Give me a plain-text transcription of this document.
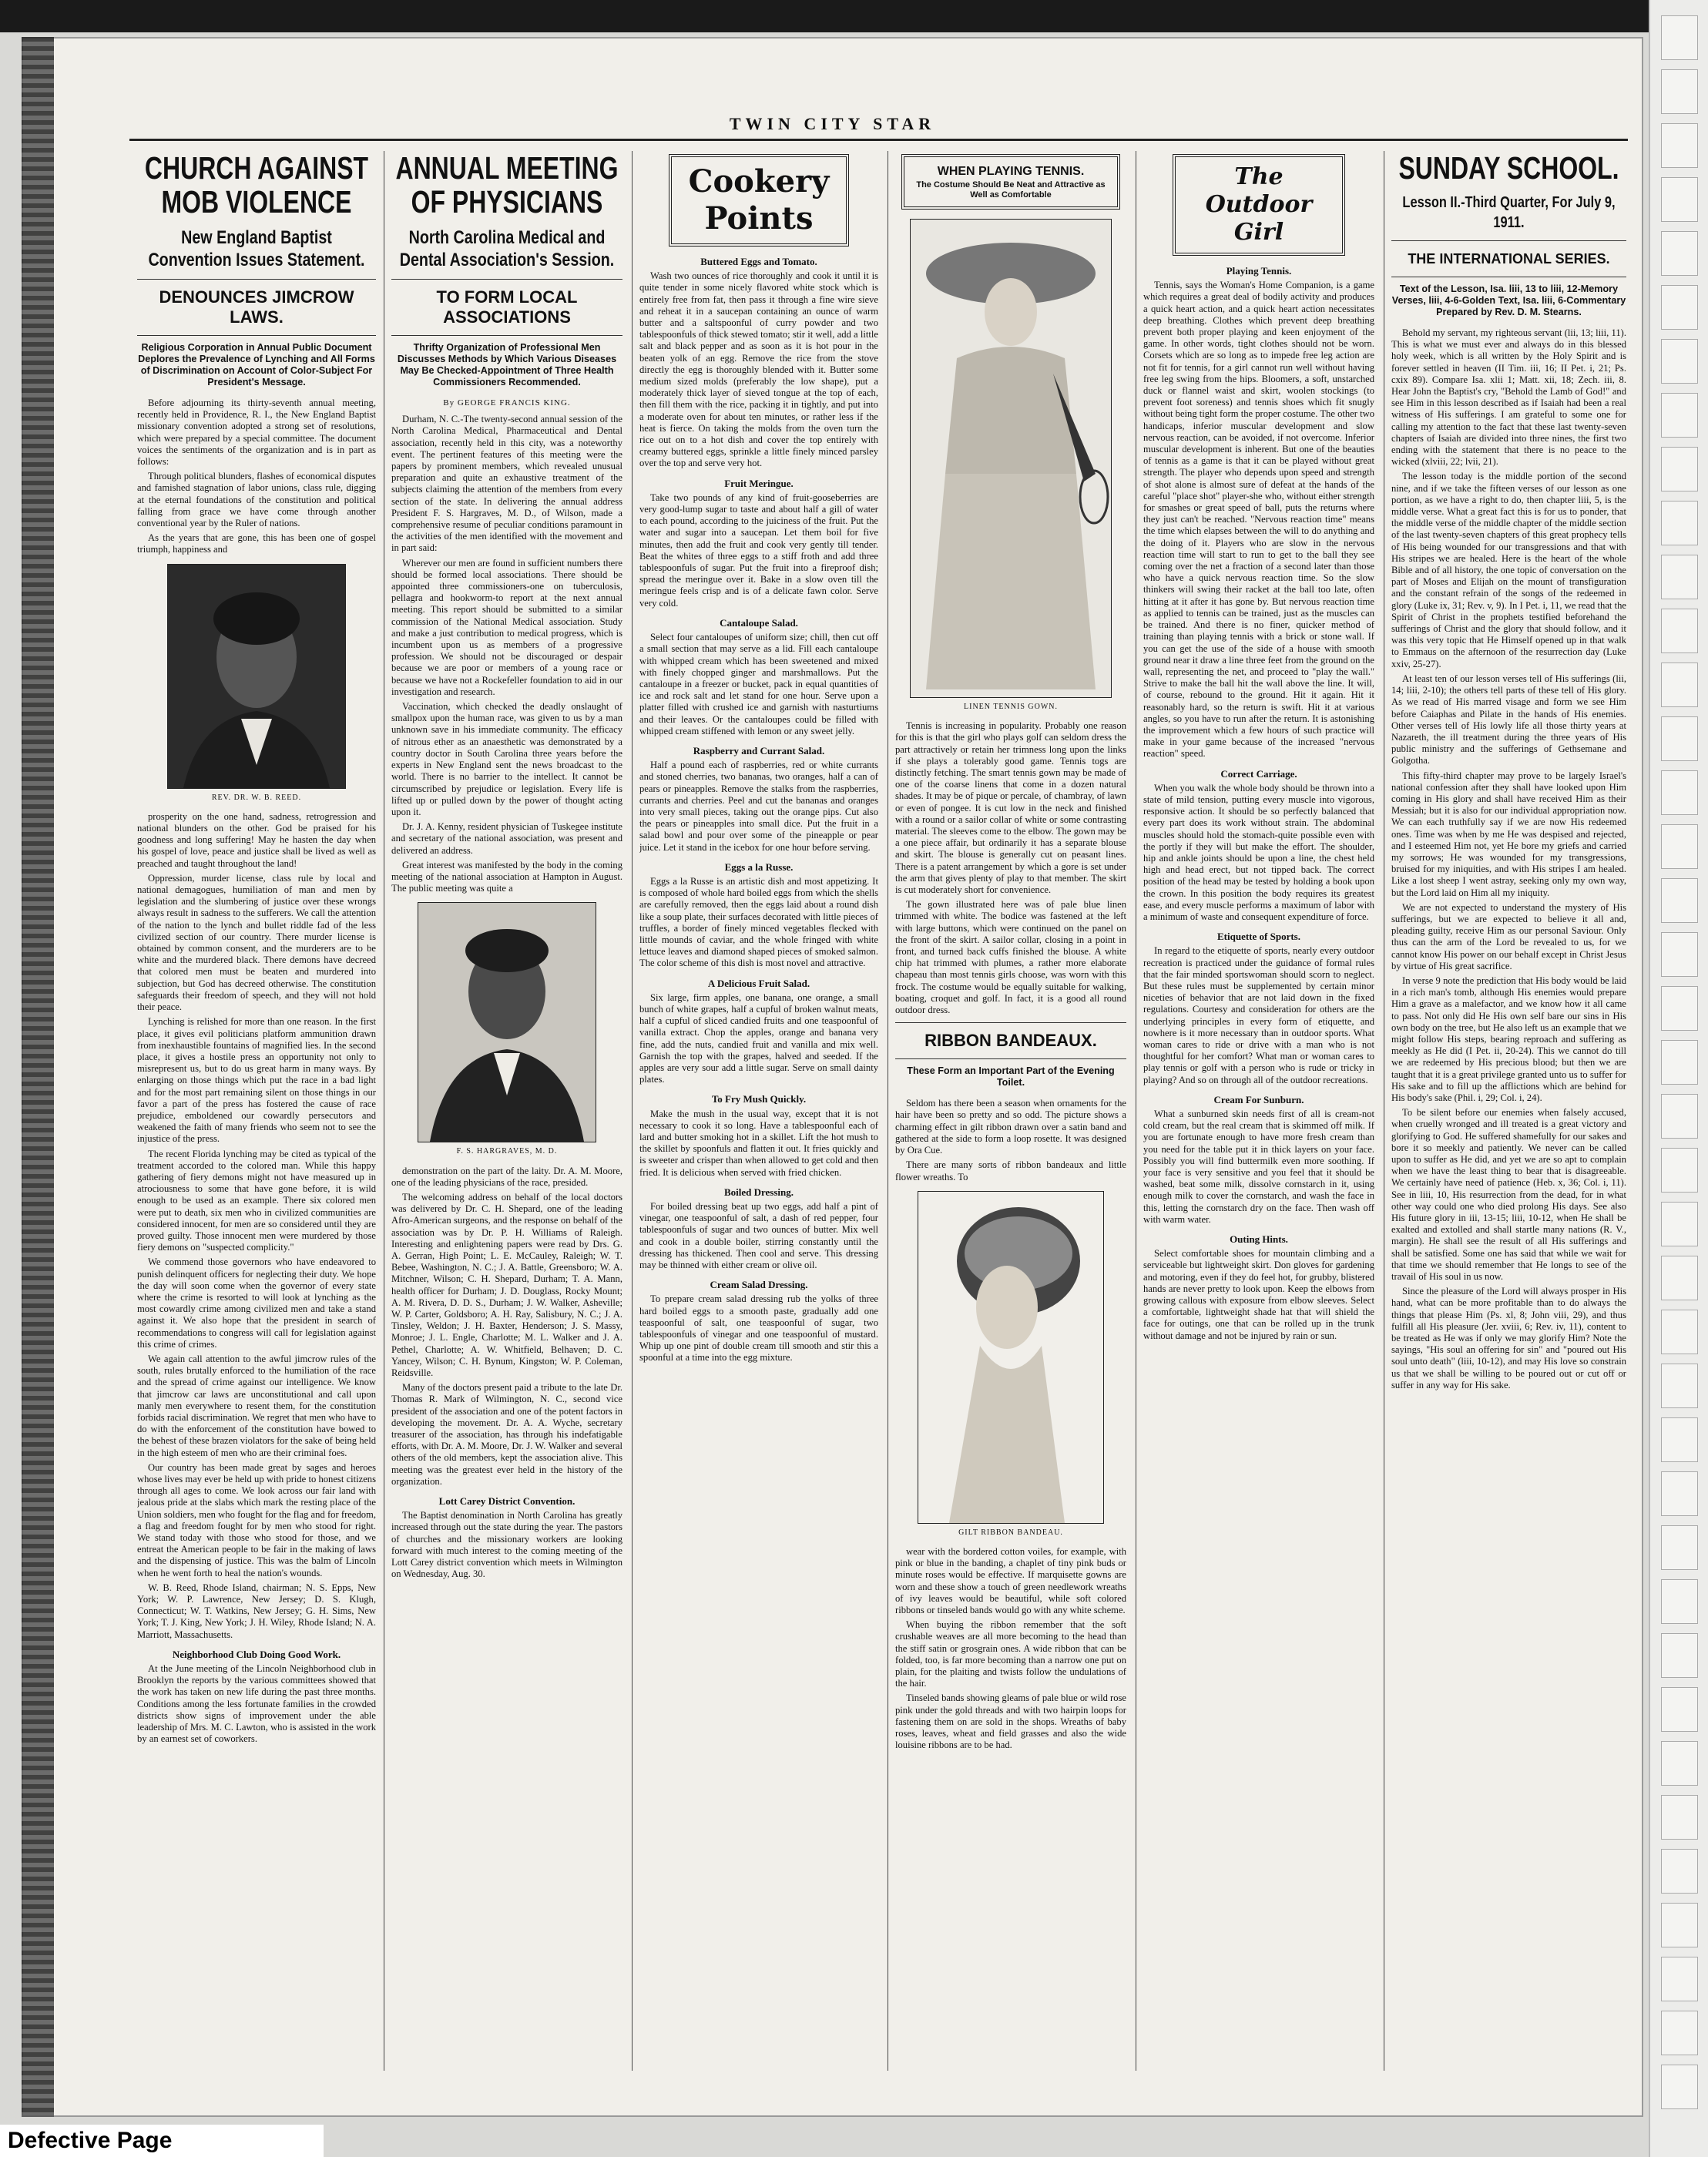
TWIN CITY STAR
CHURCH AGAINST MOB VIOLENCE
New England Baptist Convention Issues Statement.
DENOUNCES JIMCROW LAWS.
Religious Corporation in Annual Public Document Deplores the Prevalence of Lynching and All Forms of Discrimination on Account of Color-Subject For President's Message.

Before adjourning its thirty-seventh annual meeting, recently held in Providence, R. I., the New England Baptist missionary convention adopted a strong set of resolutions, which were prepared by a special committee. The document voices the sentiments of the organization and is in part as follows:

Through political blunders, flashes of economical disputes and famished stagnation of labor unions, class rule, digging at the eternal foundations of the constitution and political falling from grace we have come through another conventional year by the Ruler of nations.

As the years that are gone, this has been one of gospel triumph, happiness and

REV. DR. W. B. REED.

prosperity on the one hand, sadness, retrogression and national blunders on the other. God be praised for his goodness and long suffering! May he hasten the day when his gospel of love, peace and justice shall be lived as well as preached and taught throughout the land!

Oppression, murder license, class rule by local and national demagogues, humiliation of man and men by legislation and the slumbering of justice over these wrongs always result in sadness to the sufferers. We call the attention of the nation to the lynch and bullet riddle fad of the less civilized section of our country. There murder license is obtained by common consent, and the murderers are to be white and the murdered black. There demons have decreed that colored men must be beaten and murdered into subjection, but God has decreed otherwise. The constitution safeguards their freedom of speech, and they will not hold their peace.

Lynching is relished for more than one reason. In the first place, it gives evil politicians platform ammunition drawn from inexhaustible fountains of magnified lies. In the second place, it gives a hostile press an opportunity not only to misrepresent us, but to do us great harm in many ways. By enlarging on those things which put the race in a bad light and for the most part remaining silent on those things in our favor a part of the press has fostered the cause of race prejudice, emboldened our cowardly persecutors and weakened the faith of many friends who seem not to see the injustice of the press.

The recent Florida lynching may be cited as typical of the treatment accorded to the colored man. While this happy gathering of fiery demons might not have measured up in atrociousness to some that have gone before, it is wild enough to be used as an example. There six colored men were put to death, six men who in civilized communities are considered innocent, for men are so considered until they are proved guilty. Those innocent men were murdered by those fiery demons on "suspected complicity."

We commend those governors who have endeavored to punish delinquent officers for neglecting their duty. We hope the day will soon come when the governor of every state where the crime is resorted to will look at lynching as the most cowardly crime among civilized men and take a stand against it. We also hope that the president in search of recommendations to congress will call for legislation against this crime of crimes.

We again call attention to the awful jimcrow rules of the south, rules brutally enforced to the humiliation of the race and the spread of crime against our intelligence. We know that jimcrow car laws are unconstitutional and call upon manly men everywhere to resent them, for the constitution forbids racial discrimination. We regret that men who have to do with the enforcement of the constitution have bowed to the behest of these brazen violators for the sake of being held in the high esteem of men who are their criminal foes.

Our country has been made great by sages and heroes whose lives may ever be held up with pride to honest citizens through all ages to come. We look across our fair land with jealous pride at the slabs which mark the resting place of the Union soldiers, men who fought for the flag and for freedom, a flag and freedom fought for by men who stood for right. We stand today with those who stood for those, and we entreat the American people to be fair in the making of laws and the dispensing of justice. This was the balm of Lincoln when he went forth to heal the nation's wounds.

W. B. Reed, Rhode Island, chairman; N. S. Epps, New York; W. P. Lawrence, New Jersey; D. S. Klugh, Connecticut; W. T. Watkins, New Jersey; G. H. Sims, New York; T. J. King, New York; J. H. Wiley, Rhode Island; N. A. Marriott, Massachusetts.

Neighborhood Club Doing Good Work.

At the June meeting of the Lincoln Neighborhood club in Brooklyn the reports by the various committees showed that the work has taken on new life during the past three months. Conditions among the less fortunate families in the crowded districts show signs of improvement under the able leadership of Mrs. M. C. Lawton, who is assisted in the work by an earnest set of coworkers.

ANNUAL MEETING OF PHYSICIANS
North Carolina Medical and Dental Association's Session.
TO FORM LOCAL ASSOCIATIONS
Thrifty Organization of Professional Men Discusses Methods by Which Various Diseases May Be Checked-Appointment of Three Health Commissioners Recommended.
By GEORGE FRANCIS KING.

Durham, N. C.-The twenty-second annual session of the North Carolina Medical, Pharmaceutical and Dental association, recently held in this city, was a noteworthy event. The pertinent features of this meeting were the papers by prominent members, which revealed unusual preparation and quite an exhaustive treatment of the subjects claiming the attention of the members from every section of the state. In delivering the annual address President F. S. Hargraves, M. D., of Wilson, made a comprehensive resume of peculiar conditions paramount in the activities of the men identified with the movement and in part said:

Wherever our men are found in sufficient numbers there should be formed local associations. There should be appointed three commissioners-one on tuberculosis, pellagra and hookworm-to report at the next annual meeting. This report should be submitted to a similar commission of the National Medical association. Study and make a just contribution to medical progress, which is incumbent upon us as members of a progressive profession. We should not be discouraged or despair because we are poor or members of a young race or because we have not a Rockefeller foundation to aid in our investigation and research.

Vaccination, which checked the deadly onslaught of smallpox upon the human race, was given to us by a man unknown save in his immediate community. The efficacy of nitrous ether as an anaesthetic was demonstrated by a country doctor in South Carolina three years before the experts in New England sent the news broadcast to the world. There is no barrier to the intellect. It cannot be circumscribed by prejudice or legislation. Every life is lifted up or pulled down by the power of thought acting upon it.

Dr. J. A. Kenny, resident physician of Tuskegee institute and secretary of the national association, was present and delivered an address.

Great interest was manifested by the body in the coming meeting of the national association at Hampton in August. The public meeting was quite a

F. S. HARGRAVES, M. D.

demonstration on the part of the laity. Dr. A. M. Moore, one of the leading physicians of the race, presided.

The welcoming address on behalf of the local doctors was delivered by Dr. C. H. Shepard, one of the leading Afro-American surgeons, and the response on behalf of the association was by Dr. P. H. Williams of Raleigh. Interesting and enlightening papers were read by Drs. G. A. Gerran, High Point; L. E. McCauley, Raleigh; W. T. Bebee, Washington, N. C.; J. A. Battle, Greensboro; W. A. Mitchner, Wilson; C. H. Shepard, Durham; T. A. Mann, health officer for Durham; J. D. Douglass, Rocky Mount; A. M. Rivera, D. D. S., Durham; J. W. Walker, Asheville; W. P. Carter, Goldsboro; A. H. Ray, Salisbury, N. C.; J. A. Tinsley, Weldon; J. H. Baxter, Henderson; J. S. Massy, Monroe; J. L. Engle, Charlotte; M. L. Walker and J. A. Pethel, Charlotte; A. W. Whitfield, Belhaven; D. C. Yancey, Wilson; C. H. Bynum, Kingston; W. P. Coleman, Reidsville.

Many of the doctors present paid a tribute to the late Dr. Thomas R. Mark of Wilmington, N. C., second vice president of the association and one of the potent factors in developing the movement. Dr. A. A. Wyche, secretary treasurer of the association, has through his indefatigable efforts, with Dr. A. M. Moore, Dr. J. W. Walker and several others of the old members, kept the association alive. This meeting was the greatest ever held in the history of the organization.

Lott Carey District Convention.

The Baptist denomination in North Carolina has greatly increased through out the state during the year. The pastors of churches and the missionary workers are looking forward with much interest to the coming meeting of the Lott Carey district convention which meets in Wilmington on Wednesday, Aug. 30.

Cookery
Points
Buttered Eggs and Tomato.

Wash two ounces of rice thoroughly and cook it until it is quite tender in some nicely flavored white stock which is entirely free from fat, then pass it through a fine wire sieve and reheat it in a saucepan containing an ounce of warm butter and a saltspoonful of curry powder and two tablespoonfuls of thick stewed tomato; stir it well, add a little salt and black pepper and as soon as it is hot pour in the beaten yolk of an egg. Remove the rice from the stove directly the egg is thoroughly blended with it. Butter some medium sized molds (preferably the low shape), put a moderately thick layer of sieved tongue at the top of each, then fill them with the rice, packing it in tightly, and put into a moderate oven for about ten minutes, or rather less if the heat is fierce. On taking the molds from the oven turn the rice out on to a hot dish and cover the top entirely with creamy buttered eggs, sprinkle a little finely minced parsley over the top and serve very hot.

Fruit Meringue.

Take two pounds of any kind of fruit-gooseberries are very good-lump sugar to taste and about half a gill of water to each pound, according to the juiciness of the fruit. Put the water and sugar into a saucepan. Let them boil for five minutes, then add the fruit and cook very gently till tender. Beat the whites of three eggs to a stiff froth and add three tablespoonfuls of sugar. Put the fruit into a fireproof dish; spread the meringue over it. Bake in a slow oven till the meringue feels crisp and is of a delicate fawn color. Serve very cold.

Cantaloupe Salad.

Select four cantaloupes of uniform size; chill, then cut off a small section that may serve as a lid. Fill each cantaloupe with whipped cream which has been sweetened and mixed with finely chopped ginger and marshmallows. Put the cantaloupe in a freezer or bucket, pack in equal quantities of ice and rock salt and let stand for one hour. Serve upon a platter filled with crushed ice and garnish with nasturtiums and their leaves. Or the cantaloupes could be filled with whipped cream stiffened with lemon or any sweet jelly.

Raspberry and Currant Salad.

Half a pound each of raspberries, red or white currants and stoned cherries, two bananas, two oranges, half a can of pears or pineapples. Remove the stalks from the raspberries, currants and cherries. Peel and cut the bananas and oranges into very small pieces, taking out the orange pips. Cut also the pears or pineapples into small dice. Put the fruit in a salad bowl and pour over some of the pineapple or pear juice. Let it stand in the icebox for one hour before serving.

Eggs a la Russe.

Eggs a la Russe is an artistic dish and most appetizing. It is composed of whole hard boiled eggs from which the shells are carefully removed, then the eggs laid about a round dish like a soup plate, their surfaces decorated with little pieces of truffles, a border of finely minced vegetables flecked with little mounds of caviar, and the whole fringed with white lettuce leaves and diamond shaped pieces of smoked salmon. The color scheme of this dish is most novel and attractive.

A Delicious Fruit Salad.

Six large, firm apples, one banana, one orange, a small bunch of white grapes, half a cupful of broken walnut meats, half a cupful of sliced candied fruits and one teaspoonful of vanilla extract. Chop the apples, orange and banana very fine, add the nuts, candied fruit and vanilla and mix well. Garnish the top with the grapes, halved and seeded. If the apples are very sour add a little sugar. Serve on small dainty plates.

To Fry Mush Quickly.

Make the mush in the usual way, except that it is not necessary to cook it so long. Have a tablespoonful each of lard and butter smoking hot in a skillet. Lift the hot mush to the skillet by spoonfuls and flatten it out. It fries quickly and is sweeter and crisper than when allowed to get cold and then fried. It is delicious when served with fried chicken.

Boiled Dressing.

For boiled dressing beat up two eggs, add half a pint of vinegar, one teaspoonful of salt, a dash of red pepper, four tablespoonfuls of sugar and two ounces of butter. Mix well and cook in a double boiler, stirring constantly until the dressing has thickened. Then cool and serve. This dressing may be thinned with either cream or olive oil.

Cream Salad Dressing.

To prepare cream salad dressing rub the yolks of three hard boiled eggs to a smooth paste, gradually add one teaspoonful of salt, one teaspoonful of sugar, two tablespoonfuls of vinegar and one teaspoonful of mustard. Whip up one pint of double cream till smooth and stir this a spoonful at a time into the egg mixture.

WHEN PLAYING TENNIS.
The Costume Should Be Neat and Attractive as Well as Comfortable
LINEN TENNIS GOWN.

Tennis is increasing in popularity. Probably one reason for this is that the girl who plays golf can seldom dress the part attractively or retain her trimness long upon the links if she plays a tolerably good game. Tennis togs are distinctly fetching. The smart tennis gown may be made of one of the coarse linens that come in a dozen natural shades. It may be of pique or percale, of chambray, of lawn or even of pongee. It is cut low in the neck and finished with a round or a sailor collar of white or some contrasting material. The sleeves come to the elbow. The gown may be a one piece affair, but ordinarily it has a separate blouse and skirt. The blouse is generally cut on peasant lines. There is a patent arrangement by which a gore is set under the arm that gives plenty of play to that member. The skirt is cut moderately short for convenience.

The gown illustrated here was of pale blue linen trimmed with white. The bodice was fastened at the left with large buttons, which were continued on the panel on the front of the skirt. A sailor collar, closing in a point in front, and turned back cuffs finished the blouse. A white chip hat trimmed with plumes, a rather more elaborate chapeau than most tennis girls choose, was worn with this frock. The costume would be equally suitable for walking, boating, croquet and golf. In fact, it is a good all round outdoor dress.

RIBBON BANDEAUX.
These Form an Important Part of the Evening Toilet.

Seldom has there been a season when ornaments for the hair have been so pretty and so odd. The picture shows a charming effect in gilt ribbon drawn over a satin band and gathered at the side to form a loop rosette. It was designed by Ora Cue.

There are many sorts of ribbon bandeaux and little flower wreaths. To

GILT RIBBON BANDEAU.

wear with the bordered cotton voiles, for example, with pink or blue in the banding, a chaplet of tiny pink buds or minute roses would be effective. If marquisette gowns are worn and these show a touch of green needlework wreaths of ivy leaves would be beautiful, while soft colored ribbons or tinseled bands would go with any white scheme.

When buying the ribbon remember that the soft crushable weaves are all more becoming to the head than the stiff satin or grosgrain ones. A wide ribbon that can be folded, too, is far more becoming than a narrow one put on plain, for the plaiting and twists follow the undulations of the hair.

Tinseled bands showing gleams of pale blue or wild rose pink under the gold threads and with two hairpin loops for fastening them on are sold in the shops. Wreaths of baby roses, leaves, wheat and field grasses and also the wide louisine ribbons are to be had.

The
Outdoor
Girl
Playing Tennis.

Tennis, says the Woman's Home Companion, is a game which requires a great deal of bodily activity and produces a quick heart action, and a quick heart action necessitates deep breathing. Clothes which prevent deep breathing prevent both proper playing and keen enjoyment of the game. In other words, tight clothes should not be worn. Corsets which are so long as to impede free leg action are not fit for tennis, for a girl cannot run well without having free leg swing from the hips. Bloomers, a soft, unstarched duck or flannel waist and skirt, woolen stockings (to prevent foot soreness) and tennis shoes which fit snugly without being tight form the proper costume. The other two handicaps, inferior muscular development and slow nervous reaction, can be avoided, if not overcome. Inferior muscular development is inherent. But one of the beauties of tennis as a game is that it can be played without great strength. The player who depends upon speed and strength of shot alone is almost sure of defeat at the hands of the careful "place shot" player-she who, without either strength for smashes or great speed of ball, puts the returns where they just can't be reached. "Nervous reaction time" means the time which elapses between the will to do anything and the doing of it. Players who are slow in the nervous reaction time will start to run to get to the ball they see coming over the net a fraction of a second later than those who have a quick nervous reaction time. So the slow thinkers will swing their racket at the ball too late, often hitting at it after it has gone by. But nervous reaction time as applied to tennis can be trained, just as the muscles can be trained. And there is no finer, quicker method of training than playing tennis with a brick or stone wall. If you can get the use of the side of a house with smooth ground near it draw a line three feet from the ground on the wall, representing the net, and proceed to "play the wall." Strive to make the ball hit the wall above the line. It will, of course, rebound to the ground. Hit it again. Hit it reasonably hard, so the return is swift. Hit it at various angles, so you have to run after the return. It is astonishing the improvement which a few hours of such practice will make in your game because of the increased "nervous reaction" speed.

Correct Carriage.

When you walk the whole body should be thrown into a state of mild tension, putting every muscle into vigorous, responsive action. It should be so perfectly balanced that every part does its work without strain. The abdominal muscles should hold the stomach-quite possible even with the portly if they will but make the effort. The shoulder, hip and ankle joints should be upon a line, the chest held high and head erect, but not tipped back. The correct position of the head may be tested by holding a book upon the crown. In this position the body requires its greatest ease, and every muscle performs a maximum of labor with a minimum of waste and consequent expenditure of force.

Etiquette of Sports.

In regard to the etiquette of sports, nearly every outdoor recreation is practiced under the guidance of formal rules that the fair minded sportswoman should scorn to neglect. But these rules must be supplemented by certain minor niceties of behavior that are not laid down in the fixed regulations. Courtesy and consideration for others are the underlying principles in every form of etiquette, and nowhere is it more necessary than in outdoor sports. What woman cares to ride or drive with a man who is not thoughtful for her comfort? What man or woman cares to play tennis or golf with a person who is rude or tricky in playing? And so on through all of the outdoor recreations.

Cream For Sunburn.

What a sunburned skin needs first of all is cream-not cold cream, but the real cream that is skimmed off milk. If you are fortunate enough to have more fresh cream than you need for the table put it in thick layers on your face. Possibly you will find buttermilk even more soothing. If your face is very sensitive and you feel that it should be washed, beat some milk, dissolve cornstarch in it, using enough milk to cover the cornstarch, and wash the face in this, letting the cornstarch dry on the face. Then wash off with warm water.

Outing Hints.

Select comfortable shoes for mountain climbing and a serviceable but lightweight skirt. Don gloves for gardening and motoring, even if they do feel hot, for grubby, blistered hands are never pretty to look upon. Keep the elbows from growing callous with exposure from elbow sleeves. Select a comfortable, lightweight shade hat that will shield the face for outings, one that can be rolled up in the trunk without damage and not be injured by rain or sun.

SUNDAY SCHOOL.
Lesson II.-Third Quarter, For July 9, 1911.
THE INTERNATIONAL SERIES.
Text of the Lesson, Isa. liii, 13 to liii, 12-Memory Verses, liii, 4-6-Golden Text, Isa. liii, 6-Commentary Prepared by Rev. D. M. Stearns.

Behold my servant, my righteous servant (lii, 13; liii, 11). This is what we must ever and always do in this blessed holy week, which is all written by the Holy Spirit and is forever settled in heaven (II Tim. iii, 16; II Pet. i, 21; Ps. cxix 89). Compare Isa. xlii 1; Matt. xii, 18; Zech. iii, 8. Hear John the Baptist's cry, "Behold the Lamb of God!" and see Him in this lesson described as if Isaiah had been a real witness of His sufferings. I am grateful to some one for calling my attention to the fact that these last twenty-seven chapters of Isaiah are divided into three nines, the first two ending with the statement that there is no peace to the wicked (xlviii, 22; lvii, 21).

The lesson today is the middle portion of the second nine, and if we take the fifteen verses of our lesson as one portion, as we have a right to do, then chapter liii, 5, is the middle verse. What a great fact this is for us to ponder, that the middle verse of the middle chapter of the middle section of the last twenty-seven chapters of this great prophecy tells of His being wounded for our transgressions and that with His stripes we are healed. Here is the heart of the whole Bible and of all history, the one topic of conversation on the part of Moses and Elijah on the mount of transfiguration and the constant refrain of the songs of the redeemed in glory (Luke ix, 31; Rev. v, 9). In I Pet. i, 11, we read that the Spirit of Christ in the prophets testified beforehand the sufferings of Christ and the glory that should follow, and it was this very topic that He Himself opened up in that walk to Emmaus on the afternoon of the resurrection day (Luke xxiv, 25-27).

At least ten of our lesson verses tell of His sufferings (lii, 14; liii, 2-10); the others tell parts of these tell of His glory. As we read of His marred visage and form we see Him before Caiaphas and Pilate in the hands of His enemies. Other verses tell of His lowly life all those thirty years at Nazareth, the ill treatment during the three years of His public ministry and the sufferings of Gethsemane and Golgotha.

This fifty-third chapter may prove to be largely Israel's national confession after they shall have looked upon Him coming in His glory and shall have received Him as their Messiah; but it is also for our individual appropriation now. We can each truthfully say if we are now His redeemed ones. Time was when by me He was despised and rejected, and I esteemed Him not, yet He bore my griefs and carried my sorrows; He was wounded for my transgressions, bruised for my iniquities, and with His stripes I am healed. Like a lost sheep I went astray, seeking only my own way, but the Lord laid on Him all my iniquity.

We are not expected to understand the mystery of His sufferings, but we are expected to believe it all and, pleading guilty, receive Him as our personal Saviour. Only thus can the arm of the Lord be revealed to us, for we cannot know His power on our behalf except in Christ Jesus by virtue of His great sacrifice.

In verse 9 note the prediction that His body would be laid in a rich man's tomb, although His enemies would prepare Him a grave as a malefactor, and we know how it all came to pass. Not only did He His own self bare our sins in His own body on the tree, but He also left us an example that we might follow His steps, bearing reproach and suffering as meekly as He did (I Pet. ii, 20-24). This we cannot do till we are redeemed by His precious blood; but then we are taught that it is a great privilege granted unto us to suffer for His sake and to fill up the afflictions which are behind for His body's sake (Phil. i, 29; Col. i, 24).

To be silent before our enemies when falsely accused, when cruelly wronged and ill treated is a great victory and glorifying to God. He suffered shamefully for our sakes and bore it so meekly and patiently. We never can be called upon to suffer as He did, and yet we are so apt to complain when we have the least thing to bear that is disagreeable. We certainly have need of patience (Heb. x, 36; Col. i, 11). See in liii, 10, His resurrection from the dead, for in what other way could one who died prolong His days. See also His future glory in iii, 13-15; liii, 10-12, when He shall be exalted and extolled and shall startle many nations (R. V., margin). He shall see the result of all His sufferings and shall be satisfied. Some one has said that while we wait for that time we should remember that He longs to see of the travail of His soul in us now.

Since the pleasure of the Lord will always prosper in His hand, what can be more profitable than to do always the things that please Him (Ps. xl, 8; John viii, 29), and thus fulfill all His pleasure (Jer. xviii, 6; Rev. iv, 11), content to be treated as He was if only we may glorify Him? Note the sayings, "His soul an offering for sin" and "poured out His soul unto death" (liii, 10-12), and may His love so constrain us that we shall be willing to be poured out or cut off or suffer in any way for His sake.

Defective Page
